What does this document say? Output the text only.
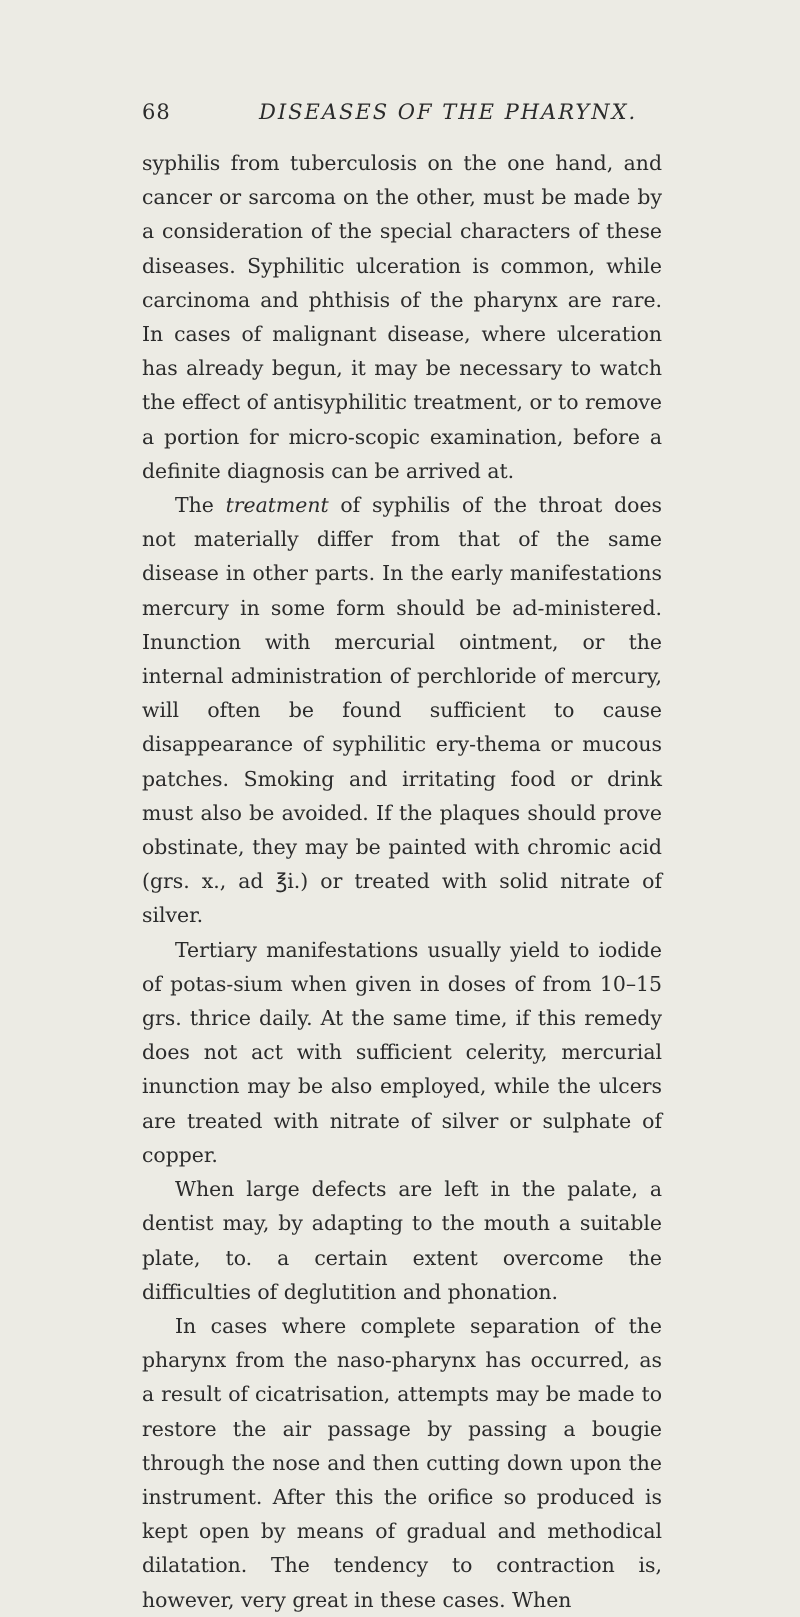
68	DISEASES OF THE PHARYNX.

syphilis from tuberculosis on the one hand, and cancer or sarcoma on the other, must be made by a consideration of the special characters of these diseases. Syphilitic ulceration is common, while carcinoma and phthisis of the pharynx are rare. In cases of malignant disease, where ulceration has already begun, it may be necessary to watch the effect of antisyphilitic treatment, or to remove a portion for micro-scopic examination, before a definite diagnosis can be arrived at.

The treatment of syphilis of the throat does not materially differ from that of the same disease in other parts. In the early manifestations mercury in some form should be ad-ministered. Inunction with mercurial ointment, or the internal administration of perchloride of mercury, will often be found sufficient to cause disappearance of syphilitic ery-thema or mucous patches. Smoking and irritating food or drink must also be avoided. If the plaques should prove obstinate, they may be painted with chromic acid (grs. x., ad ℥i.) or treated with solid nitrate of silver.

Tertiary manifestations usually yield to iodide of potas-sium when given in doses of from 10–15 grs. thrice daily. At the same time, if this remedy does not act with sufficient celerity, mercurial inunction may be also employed, while the ulcers are treated with nitrate of silver or sulphate of copper.

When large defects are left in the palate, a dentist may, by adapting to the mouth a suitable plate, to. a certain extent overcome the difficulties of deglutition and phonation.

In cases where complete separation of the pharynx from the naso-pharynx has occurred, as a result of cicatrisation, attempts may be made to restore the air passage by passing a bougie through the nose and then cutting down upon the instrument. After this the orifice so produced is kept open by means of gradual and methodical dilatation. The tendency to contraction is, however, very great in these cases. When
